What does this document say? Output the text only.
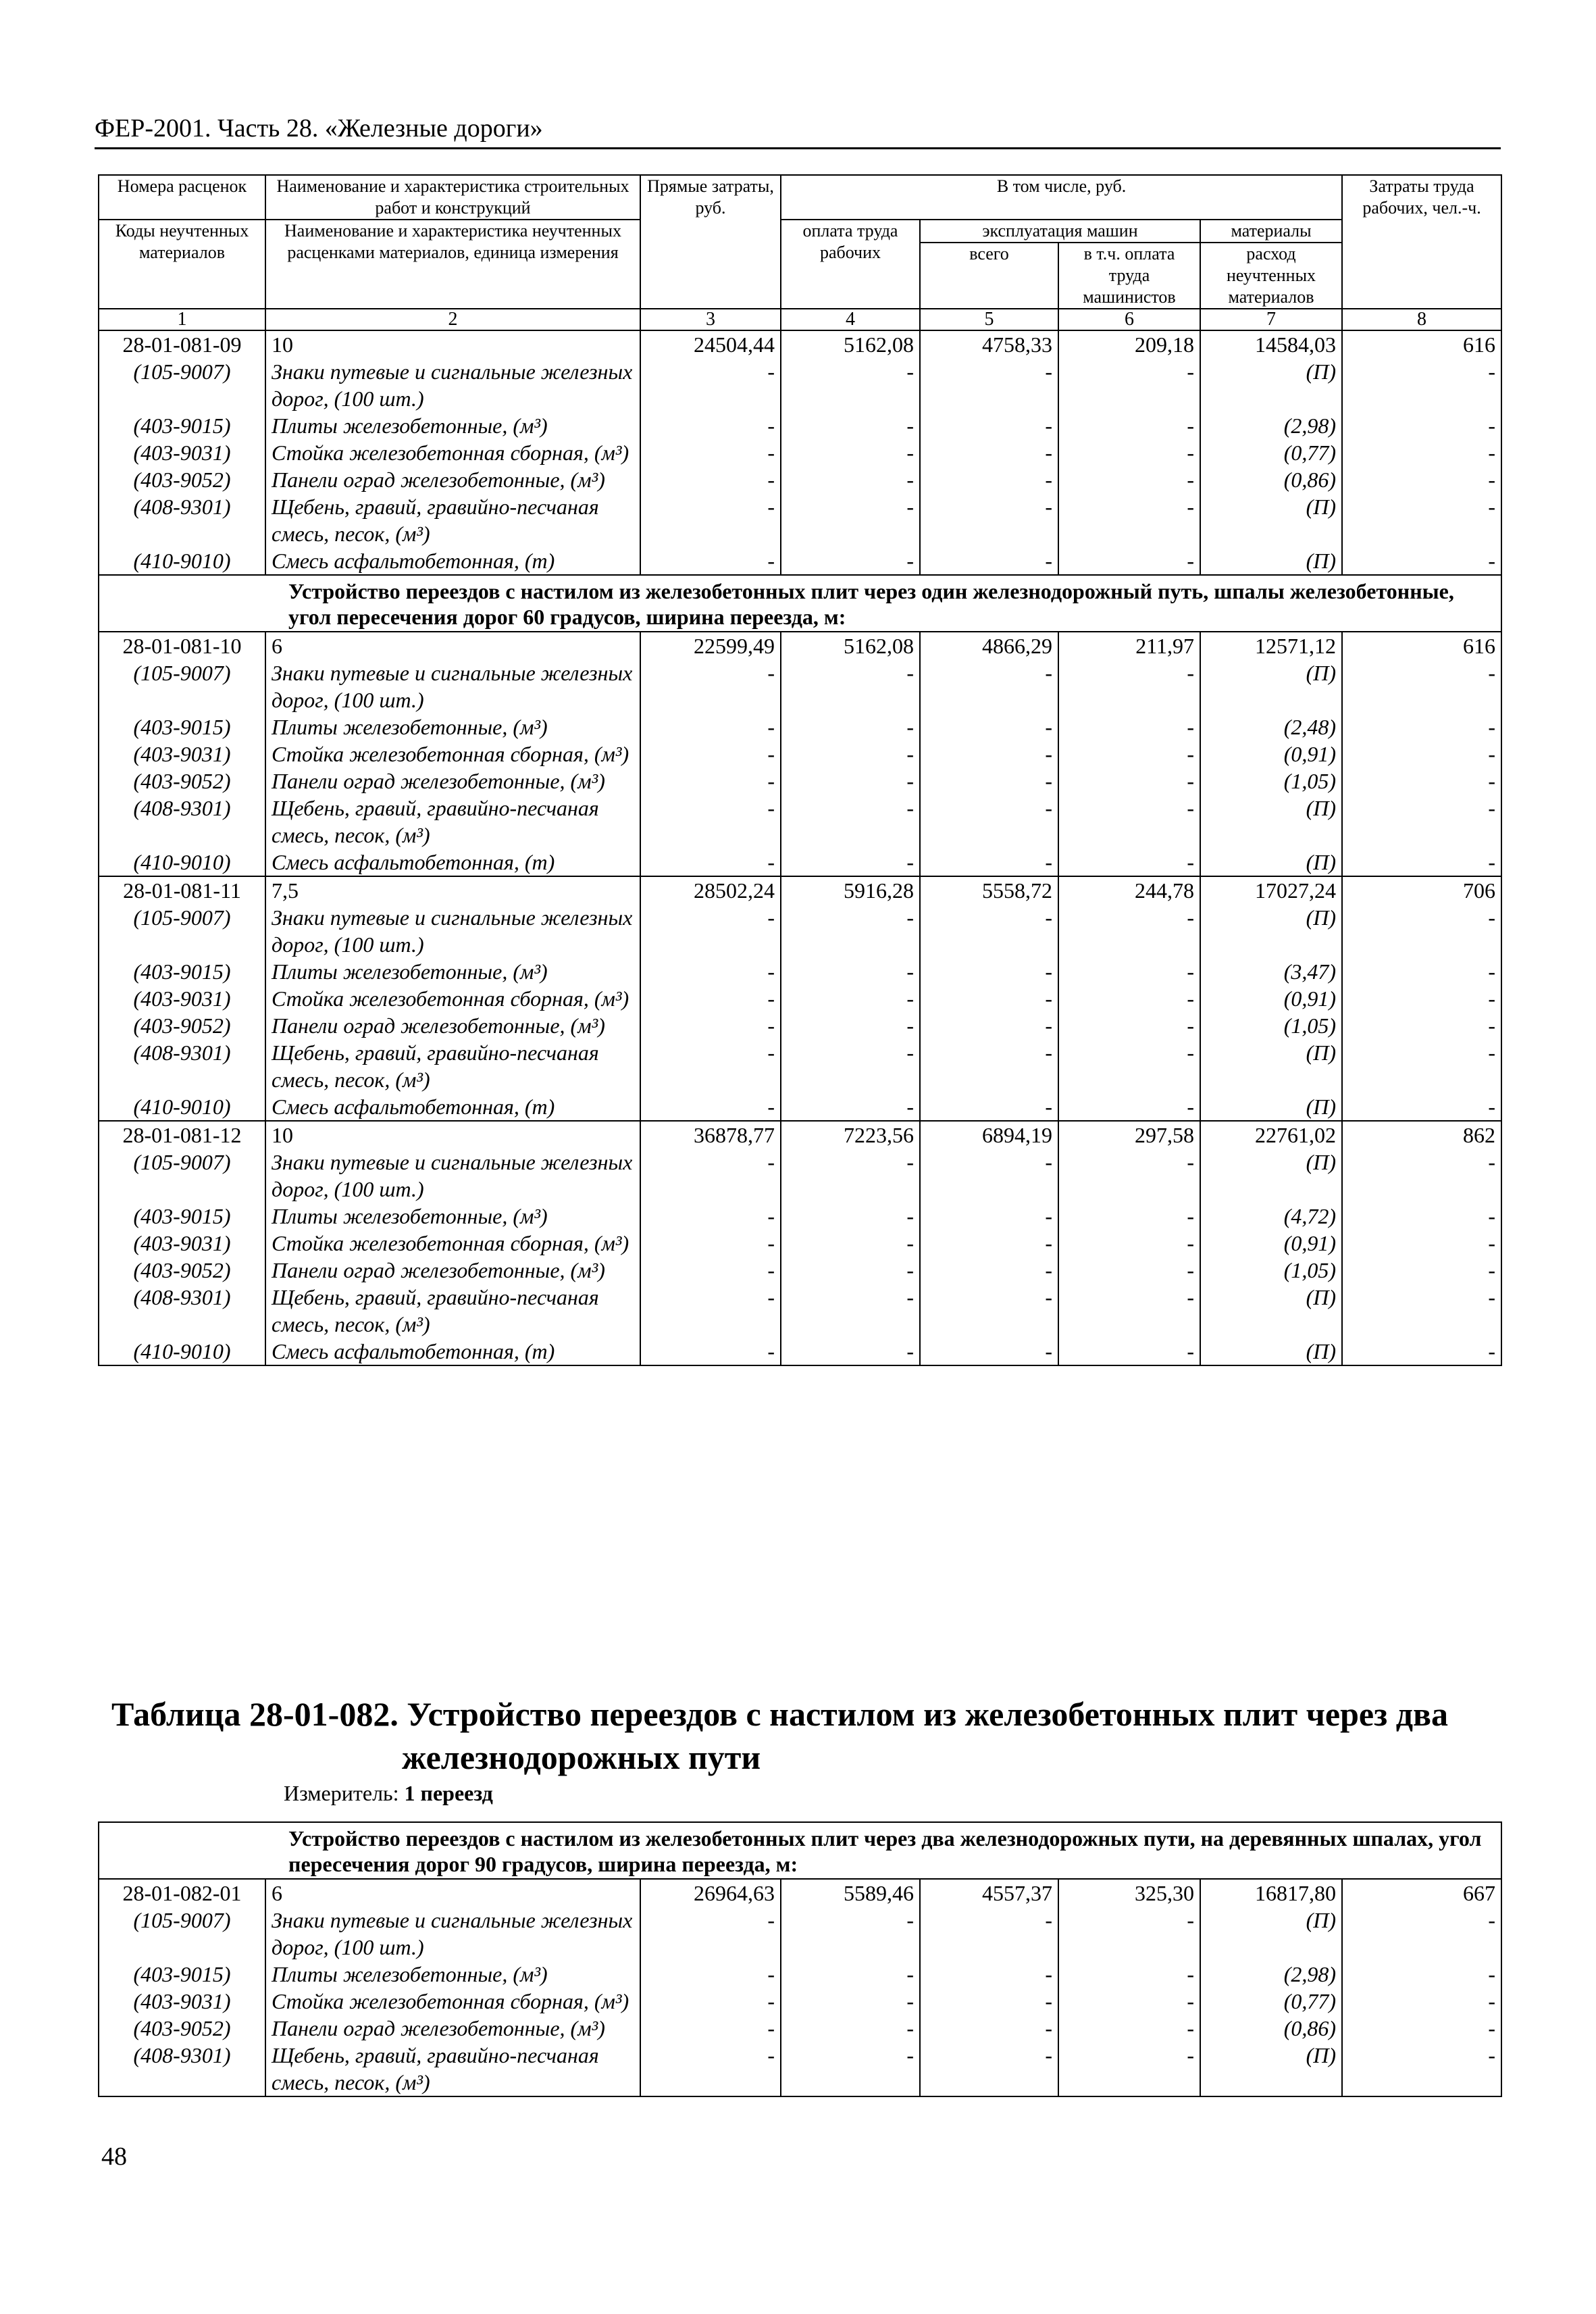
ФЕР-2001. Часть 28. «Железные дороги»
Номера расценок	Наименование и характеристика строительных работ и конструкций	Прямые затраты, руб.	В том числе, руб.				Затраты труда рабочих, чел.-ч.
Коды неучтенных материалов	Наименование и характеристика неучтенных расценками материалов, единица измерения		оплата труда рабочих	эксплуатация машин		материалы	
				всего	в т.ч. оплата труда машинистов	расход неучтенных материалов	
1	2	3	4	5	6	7	8
28-01-081-09	10	24504,44	5162,08	4758,33	209,18	14584,03	616
(105-9007)	Знаки путевые и сигнальные железных дорог, (100 шт.)	-	-	-	-	(П)	-
(403-9015)	Плиты железобетонные, (м³)	-	-	-	-	(2,98)	-
(403-9031)	Стойка железобетонная сборная, (м³)	-	-	-	-	(0,77)	-
(403-9052)	Панели оград железобетонные, (м³)	-	-	-	-	(0,86)	-
(408-9301)	Щебень, гравий, гравийно-песчаная смесь, песок, (м³)	-	-	-	-	(П)	-
(410-9010)	Смесь асфальтобетонная, (т)	-	-	-	-	(П)	-
Устройство переездов с настилом из железобетонных плит через один железнодорожный путь, шпалы железобетонные, угол пересечения дорог 60 градусов, ширина переезда, м:							
28-01-081-10	6	22599,49	5162,08	4866,29	211,97	12571,12	616
(105-9007)	Знаки путевые и сигнальные железных дорог, (100 шт.)	-	-	-	-	(П)	-
(403-9015)	Плиты железобетонные, (м³)	-	-	-	-	(2,48)	-
(403-9031)	Стойка железобетонная сборная, (м³)	-	-	-	-	(0,91)	-
(403-9052)	Панели оград железобетонные, (м³)	-	-	-	-	(1,05)	-
(408-9301)	Щебень, гравий, гравийно-песчаная смесь, песок, (м³)	-	-	-	-	(П)	-
(410-9010)	Смесь асфальтобетонная, (т)	-	-	-	-	(П)	-
28-01-081-11	7,5	28502,24	5916,28	5558,72	244,78	17027,24	706
(105-9007)	Знаки путевые и сигнальные железных дорог, (100 шт.)	-	-	-	-	(П)	-
(403-9015)	Плиты железобетонные, (м³)	-	-	-	-	(3,47)	-
(403-9031)	Стойка железобетонная сборная, (м³)	-	-	-	-	(0,91)	-
(403-9052)	Панели оград железобетонные, (м³)	-	-	-	-	(1,05)	-
(408-9301)	Щебень, гравий, гравийно-песчаная смесь, песок, (м³)	-	-	-	-	(П)	-
(410-9010)	Смесь асфальтобетонная, (т)	-	-	-	-	(П)	-
28-01-081-12	10	36878,77	7223,56	6894,19	297,58	22761,02	862
(105-9007)	Знаки путевые и сигнальные железных дорог, (100 шт.)	-	-	-	-	(П)	-
(403-9015)	Плиты железобетонные, (м³)	-	-	-	-	(4,72)	-
(403-9031)	Стойка железобетонная сборная, (м³)	-	-	-	-	(0,91)	-
(403-9052)	Панели оград железобетонные, (м³)	-	-	-	-	(1,05)	-
(408-9301)	Щебень, гравий, гравийно-песчаная смесь, песок, (м³)	-	-	-	-	(П)	-
(410-9010)	Смесь асфальтобетонная, (т)	-	-	-	-	(П)	-
Таблица 28-01-082. Устройство переездов с настилом из железобетонных плит через два
железнодорожных пути
Измеритель: 1 переезд
Устройство переездов с настилом из железобетонных плит через два железнодорожных пути, на деревянных шпалах, угол пересечения дорог 90 градусов, ширина переезда, м:							
28-01-082-01	6	26964,63	5589,46	4557,37	325,30	16817,80	667
(105-9007)	Знаки путевые и сигнальные железных дорог, (100 шт.)	-	-	-	-	(П)	-
(403-9015)	Плиты железобетонные, (м³)	-	-	-	-	(2,98)	-
(403-9031)	Стойка железобетонная сборная, (м³)	-	-	-	-	(0,77)	-
(403-9052)	Панели оград железобетонные, (м³)	-	-	-	-	(0,86)	-
(408-9301)	Щебень, гравий, гравийно-песчаная смесь, песок, (м³)	-	-	-	-	(П)	-
48
